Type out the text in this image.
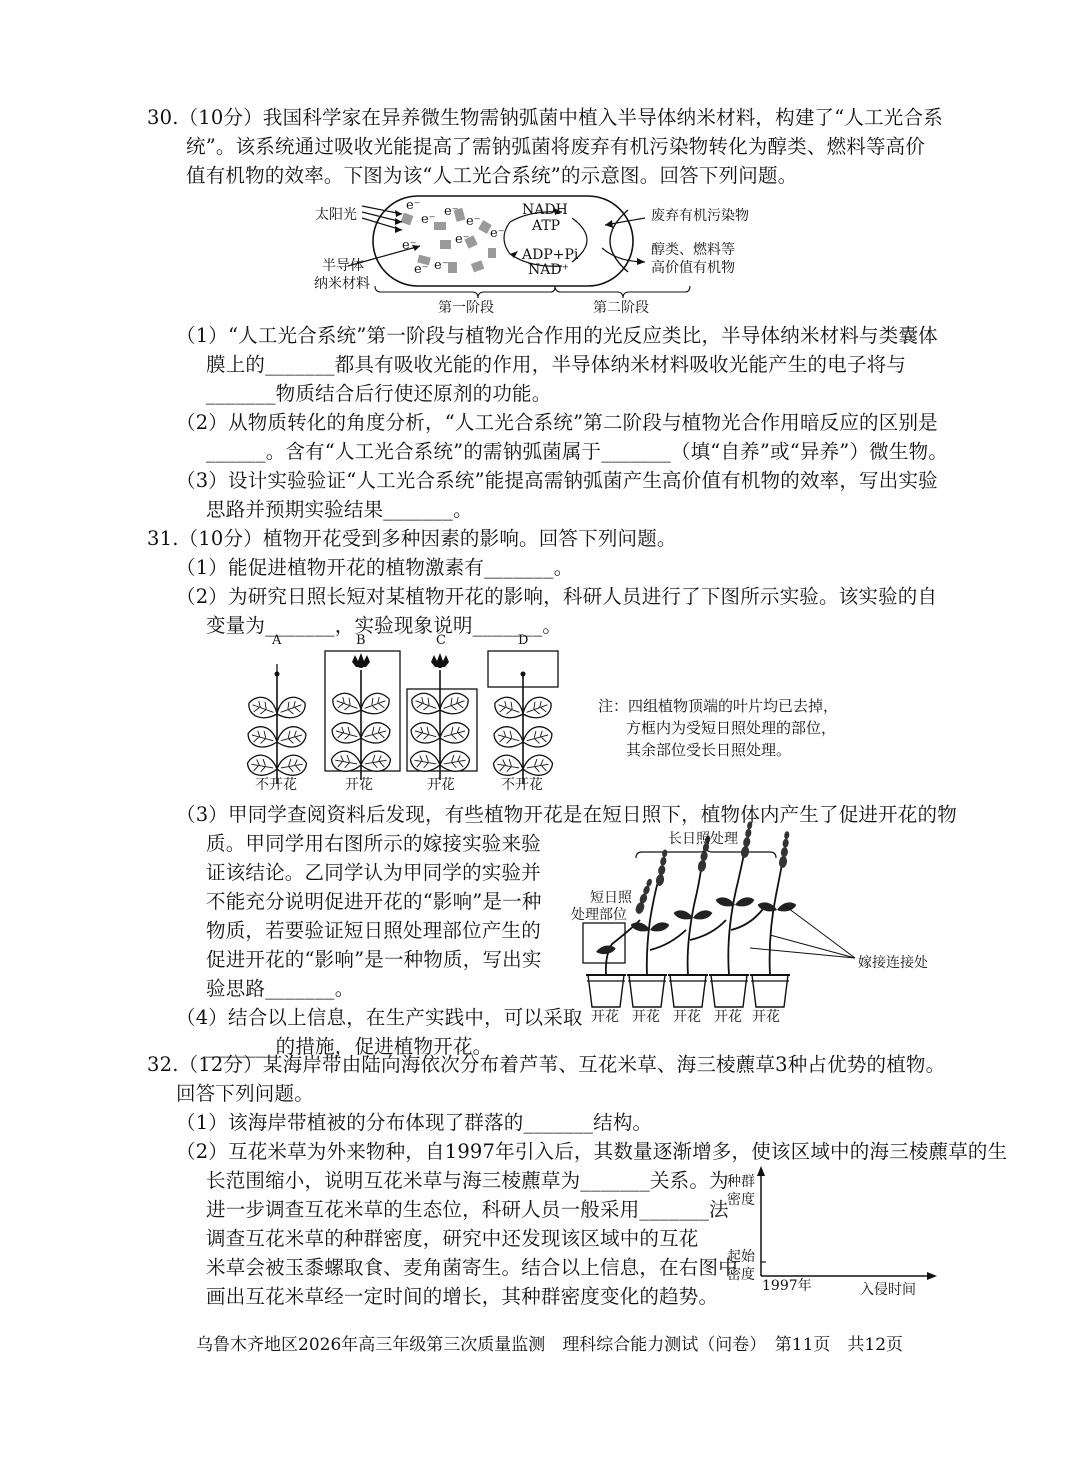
30.（10分）我国科学家在异养微生物需钠弧菌中植入半导体纳米材料，构建了“人工光合系
统”。该系统通过吸收光能提高了需钠弧菌将废弃有机污染物转化为醇类、燃料等高价
值有机物的效率。下图为该“人工光合系统”的示意图。回答下列问题。
太阳光
半导体
纳米材料
e⁻
e⁻
e⁻
e⁻
e⁻	e⁻
e⁻ e⁻
e⁻
NADH
ATP
ADP+Pi
NAD⁺
废弃有机污染物
醇类、燃料等
高价值有机物
第一阶段	第二阶段
（1）“人工光合系统”第一阶段与植物光合作用的光反应类比，半导体纳米材料与类囊体
膜上的_______都具有吸收光能的作用，半导体纳米材料吸收光能产生的电子将与
_______物质结合后行使还原剂的功能。
（2）从物质转化的角度分析，“人工光合系统”第二阶段与植物光合作用暗反应的区别是
______。含有“人工光合系统”的需钠弧菌属于_______（填“自养”或“异养”）微生物。
（3）设计实验验证“人工光合系统”能提高需钠弧菌产生高价值有机物的效率，写出实验
思路并预期实验结果_______。
31.（10分）植物开花受到多种因素的影响。回答下列问题。
（1）能促进植物开花的植物激素有_______。
（2）为研究日照长短对某植物开花的影响，科研人员进行了下图所示实验。该实验的自
变量为_______，实验现象说明_______。
A	B	C	D
不开花	开花	开花	不开花
注：四组植物顶端的叶片均已去掉，
方框内为受短日照处理的部位，
其余部位受长日照处理。
（3）甲同学查阅资料后发现，有些植物开花是在短日照下，植物体内产生了促进开花的物
质。甲同学用右图所示的嫁接实验来验
证该结论。乙同学认为甲同学的实验并
不能充分说明促进开花的“影响”是一种
物质，若要验证短日照处理部位产生的
促进开花的“影响”是一种物质，写出实
验思路_______。
（4）结合以上信息，在生产实践中，可以采取
_______的措施，促进植物开花。
长日照处理
短日照
处理部位
嫁接连接处
开花 开花 开花 开花 开花
32.（12分）某海岸带由陆向海依次分布着芦苇、互花米草、海三棱藨草3种占优势的植物。
回答下列问题。
（1）该海岸带植被的分布体现了群落的_______结构。
（2）互花米草为外来物种，自1997年引入后，其数量逐渐增多，使该区域中的海三棱藨草的生
长范围缩小，说明互花米草与海三棱藨草为_______关系。为
进一步调查互花米草的生态位，科研人员一般采用_______法
调查互花米草的种群密度，研究中还发现该区域中的互花
米草会被玉黍螺取食、麦角菌寄生。结合以上信息，在右图中
画出互花米草经一定时间的增长，其种群密度变化的趋势。
种群
密度
起始
密度
1997年	入侵时间
乌鲁木齐地区2026年高三年级第三次质量监测　理科综合能力测试（问卷）　第11页　共12页
